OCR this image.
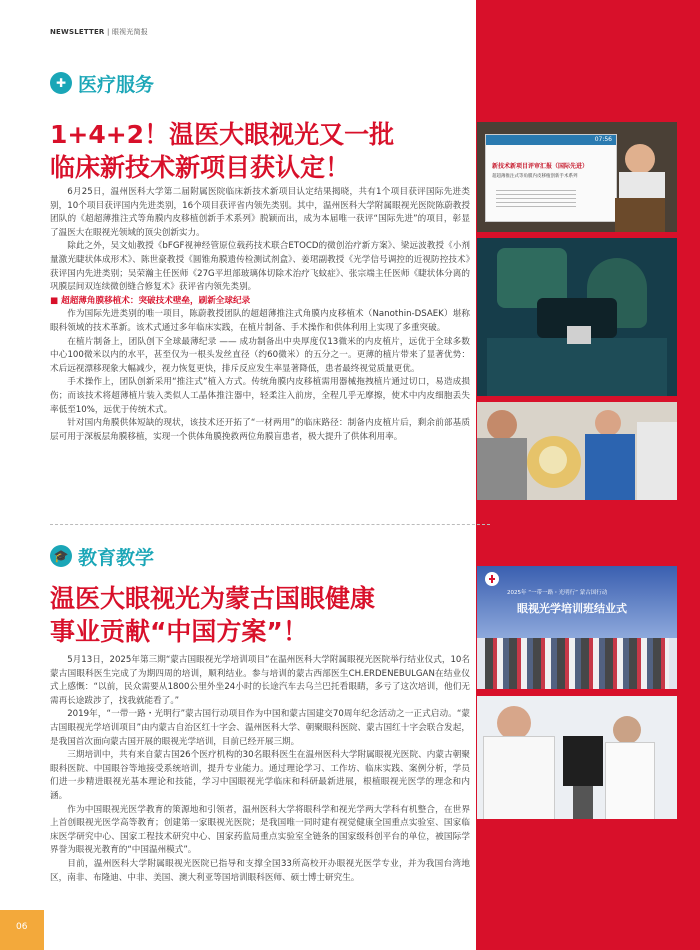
NEWSLETTER | 眼视光简报
07:56
新技术新项目评审汇报（国际先进）
超超薄推注式等角膜内皮移植创新手术系列
2025年 “一带一路・光明行” 蒙古国行动
眼视光学培训班结业式
✚ 医疗服务
1+4+2！温医大眼视光又一批
临床新技术新项目获认定！

6月25日，温州医科大学第二届附属医院临床新技术新项目认定结果揭晓，共有1个项目获评国际先进类别，10个项目获评国内先进类别，16个项目获评省内领先类别。其中，温州医科大学附属眼视光医院陈蔚教授团队的《超超薄推注式等角膜内皮移植创新手术系列》脱颖而出，成为本届唯一获评“国际先进”的项目，彰显了温医大在眼视光领域的顶尖创新实力。

除此之外，吴文灿教授《bFGF视神经管原位载药技术联合ETOCD的微创治疗新方案》、梁远波教授《小剂量激光睫状体成形术》、陈世豪教授《圆锥角膜遗传检测试剂盒》、姜珺副教授《光学信号调控的近视防控技术》获评国内先进类别；吴荣瀚主任医师《27G平坦部玻璃体切除术治疗飞蚊症》、张宗端主任医师《睫状体分离的巩膜层间双连续微创缝合修复术》获评省内领先类别。

■ 超超薄角膜移植术：突破技术壁垒，刷新全球纪录

作为国际先进类别的唯一项目，陈蔚教授团队的超超薄推注式角膜内皮移植术（Nanothin-DSAEK）堪称眼科领域的技术革新。该术式通过多年临床实践，在植片制备、手术操作和供体利用上实现了多重突破。

在植片制备上，团队创下全球最薄纪录 —— 成功制备出中央厚度仅13微米的内皮植片，远优于全球多数中心100微米以内的水平，甚至仅为一根头发丝直径（约60微米）的五分之一。更薄的植片带来了显著优势：术后远视漂移现象大幅减少，视力恢复更快，排斥反应发生率显著降低，患者最终视觉质量更优。

手术操作上，团队创新采用“推注式”植入方式。传统角膜内皮移植需用器械拖拽植片通过切口，易造成损伤；而该技术将超薄植片装入类似人工晶体推注器中，轻柔注入前房，全程几乎无摩擦，使术中内皮细胞丢失率低至10%，远优于传统术式。

针对国内角膜供体短缺的现状，该技术还开拓了“一材两用”的临床路径：制备内皮植片后，剩余前部基质层可用于深板层角膜移植，实现一个供体角膜挽救两位角膜盲患者，极大提升了供体利用率。

🎓 教育教学
温医大眼视光为蒙古国眼健康
事业贡献“中国方案”！

5月13日，2025年第三期“蒙古国眼视光学培训项目”在温州医科大学附属眼视光医院举行结业仪式，10名蒙古国眼科医生完成了为期四周的培训，顺利结业。参与培训的蒙古西部医生CH.ERDENEBULGAN在结业仪式上感慨：“以前，民众需要从1800公里外坐24小时的长途汽车去乌兰巴托看眼睛，多亏了这次培训，他们无需再长途跋涉了，找我就能看了。”

2019年，“一带一路・光明行”蒙古国行动项目作为中国和蒙古国建交70周年纪念活动之一正式启动。“蒙古国眼视光学培训项目”由内蒙古自治区红十字会、温州医科大学、朝聚眼科医院、蒙古国红十字会联合发起，是我国首次面向蒙古国开展的眼视光学培训，目前已经开展三期。

三期培训中，共有来自蒙古国26个医疗机构的30名眼科医生在温州医科大学附属眼视光医院、内蒙古朝聚眼科医院、中国眼谷等地接受系统培训，提升专业能力。通过理论学习、工作坊、临床实践、案例分析，学员们进一步精进眼视光基本理论和技能，学习中国眼视光学临床和科研最新进展，根植眼视光医学的理念和内涵。

作为中国眼视光医学教育的策源地和引领者，温州医科大学将眼科学和视光学两大学科有机整合，在世界上首创眼视光医学高等教育；创建第一家眼视光医院；是我国唯一同时建有视觉健康全国重点实验室、国家临床医学研究中心、国家工程技术研究中心、国家药监局重点实验室全链条的国家级科创平台的单位，被国际学界誉为眼视光教育的“中国温州模式”。

目前，温州医科大学附属眼视光医院已指导和支撑全国33所高校开办眼视光医学专业，并为我国台湾地区，南非、布隆迪、中非、美国、澳大利亚等国培训眼科医师、硕士博士研究生。

06
